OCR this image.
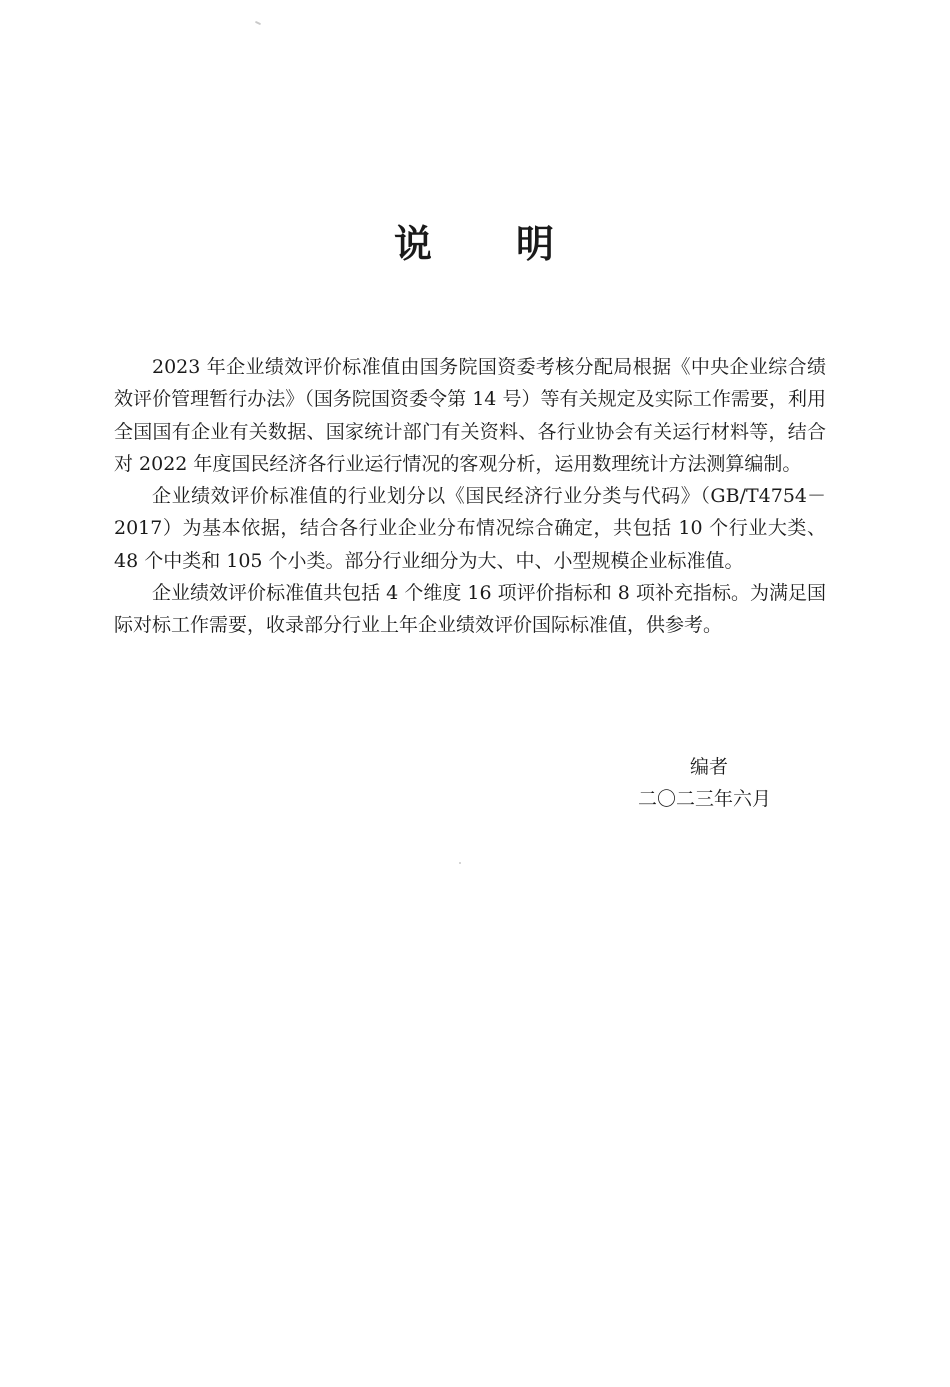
说 明

2023 年企业绩效评价标准值由国务院国资委考核分配局根据《中央企业综合绩效评价管理暂行办法》（国务院国资委令第 14 号）等有关规定及实际工作需要，利用全国国有企业有关数据、国家统计部门有关资料、各行业协会有关运行材料等，结合对 2022 年度国民经济各行业运行情况的客观分析，运用数理统计方法测算编制。

企业绩效评价标准值的行业划分以《国民经济行业分类与代码》（GB/T4754－2017）为基本依据，结合各行业企业分布情况综合确定，共包括 10 个行业大类、48 个中类和 105 个小类。部分行业细分为大、中、小型规模企业标准值。

企业绩效评价标准值共包括 4 个维度 16 项评价指标和 8 项补充指标。为满足国际对标工作需要，收录部分行业上年企业绩效评价国际标准值，供参考。

编者
二〇二三年六月
